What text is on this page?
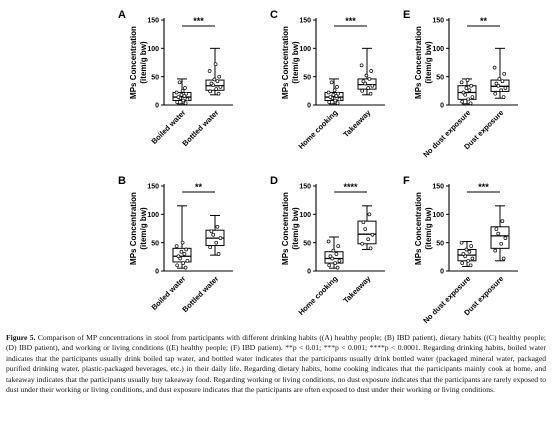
0
50
100
150
MPs Concentration (item/g bw)
A
Boiled water
Bottled water
***
0
50
100
150
MPs Concentration (item/g bw)
B
Boiled water
Bottled water
**
0
50
100
150
MPs Concentration (item/g bw)
C
Home cooking Takeaway
***
0
50
100
150
MPs Concentration (item/g bw)
D
Home cooking Takeaway
****
0
50
100
150
MPs Concentration (item/g bw)
E
No dust exposure
Dust exposure
**
0
50
100
150
MPs Concentration (item/g bw)
F
No dust exposure
Dust exposure
***
Figure 5. Comparison of MP concentrations in stool from participants with different drinking habits ((A) healthy people; (B) IBD patient), dietary habits ((C) healthy people; (D) IBD patient), and working or living conditions ((E) healthy people; (F) IBD patient). **p < 0.01; ***p < 0.001; ****p < 0.0001. Regarding drinking habits, boiled water indicates that the participants usually drink boiled tap water, and bottled water indicates that the participants usually drink bottled water (packaged mineral water, packaged purified drinking water, plastic-packaged beverages, etc.) in their daily life. Regarding dietary habits, home cooking indicates that the participants mainly cook at home, and takeaway indicates that the participants usually buy takeaway food. Regarding working or living conditions, no dust exposure indicates that the participants are rarely exposed to dust under their working or living conditions, and dust exposure indicates that the participants are often exposed to dust under their working or living conditions.
